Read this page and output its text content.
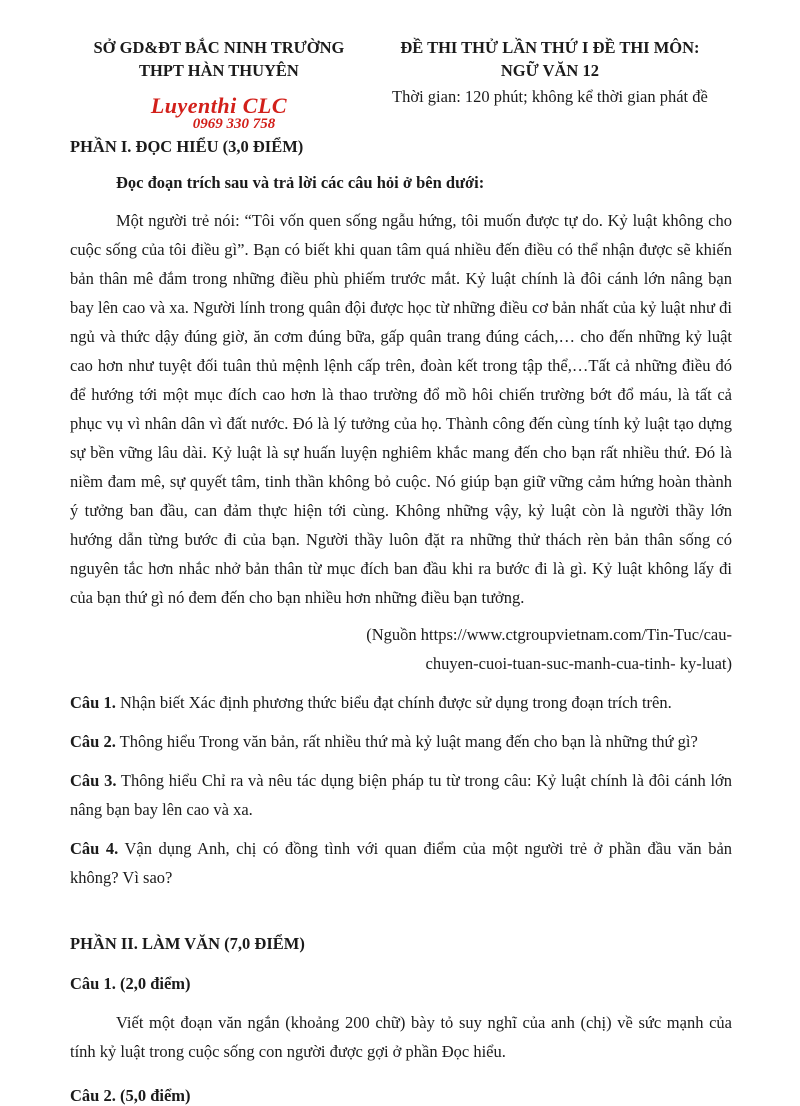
SỞ GD&ĐT BẮC NINH TRƯỜNG
THPT HÀN THUYÊN
Luyenthi CLC
0969 330 758
ĐỀ THI THỬ LẦN THỨ I ĐỀ THI MÔN:
NGỮ VĂN 12
Thời gian: 120 phút; không kể thời gian phát đề
PHẦN I. ĐỌC HIỂU (3,0 ĐIỂM)

Đọc đoạn trích sau và trả lời các câu hỏi ở bên dưới:

Một người trẻ nói: “Tôi vốn quen sống ngẫu hứng, tôi muốn được tự do. Kỷ luật không cho cuộc sống của tôi điều gì”. Bạn có biết khi quan tâm quá nhiều đến điều có thể nhận được sẽ khiến bản thân mê đắm trong những điều phù phiếm trước mắt. Kỷ luật chính là đôi cánh lớn nâng bạn bay lên cao và xa. Người lính trong quân đội được học từ những điều cơ bản nhất của kỷ luật như đi ngủ và thức dậy đúng giờ, ăn cơm đúng bữa, gấp quân trang đúng cách,… cho đến những kỷ luật cao hơn như tuyệt đối tuân thủ mệnh lệnh cấp trên, đoàn kết trong tập thể,…Tất cả những điều đó để hướng tới một mục đích cao hơn là thao trường đổ mồ hôi chiến trường bớt đổ máu, là tất cả phục vụ vì nhân dân vì đất nước. Đó là lý tưởng của họ. Thành công đến cùng tính kỷ luật tạo dựng sự bền vững lâu dài. Kỷ luật là sự huấn luyện nghiêm khắc mang đến cho bạn rất nhiều thứ. Đó là niềm đam mê, sự quyết tâm, tinh thần không bỏ cuộc. Nó giúp bạn giữ vững cảm hứng hoàn thành ý tưởng ban đầu, can đảm thực hiện tới cùng. Không những vậy, kỷ luật còn là người thầy lớn hướng dẫn từng bước đi của bạn. Người thầy luôn đặt ra những thử thách rèn bản thân sống có nguyên tắc hơn nhắc nhở bản thân từ mục đích ban đầu khi ra bước đi là gì. Kỷ luật không lấy đi của bạn thứ gì nó đem đến cho bạn nhiều hơn những điều bạn tưởng.

(Nguồn https://www.ctgroupvietnam.com/Tin-Tuc/cau-
chuyen-cuoi-tuan-suc-manh-cua-tinh- ky-luat)

Câu 1. Nhận biết Xác định phương thức biểu đạt chính được sử dụng trong đoạn trích trên.

Câu 2. Thông hiểu Trong văn bản, rất nhiều thứ mà kỷ luật mang đến cho bạn là những thứ gì?

Câu 3. Thông hiểu Chỉ ra và nêu tác dụng biện pháp tu từ trong câu: Kỷ luật chính là đôi cánh lớn nâng bạn bay lên cao và xa.

Câu 4. Vận dụng Anh, chị có đồng tình với quan điểm của một người trẻ ở phần đầu văn bản không? Vì sao?

PHẦN II. LÀM VĂN (7,0 ĐIỂM)
Câu 1. (2,0 điểm)

Viết một đoạn văn ngắn (khoảng 200 chữ) bày tỏ suy nghĩ của anh (chị) về sức mạnh của tính kỷ luật trong cuộc sống con người được gợi ở phần Đọc hiểu.

Câu 2. (5,0 điểm)
